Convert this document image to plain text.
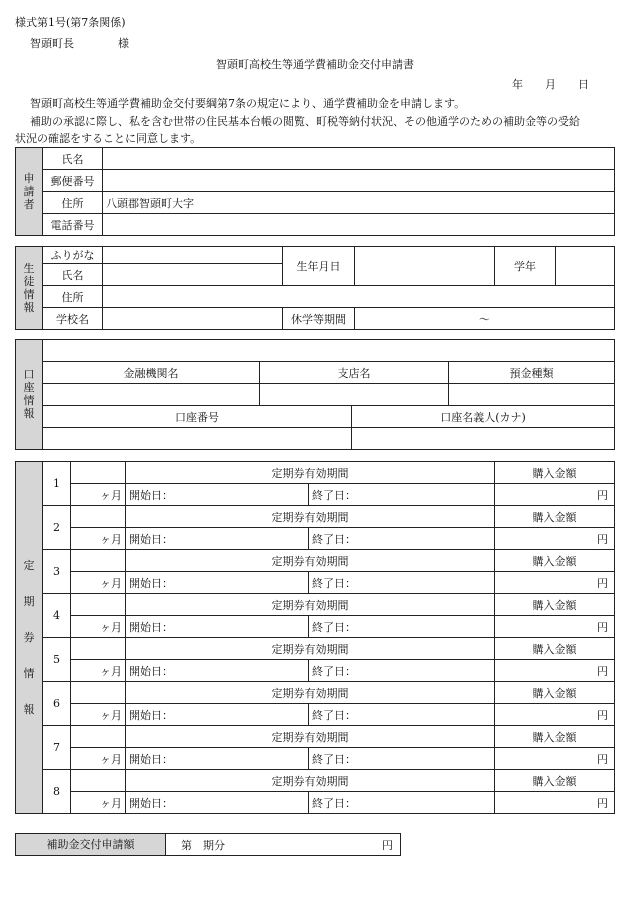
様式第1号(第7条関係)
智頭町長　　　　様
智頭町高校生等通学費補助金交付申請書
年　　月　　日
智頭町高校生等通学費補助金交付要綱第7条の規定により、通学費補助金を申請します。
補助の承認に際し、私を含む世帯の住民基本台帳の閲覧、町税等納付状況、その他通学のための補助金等の受給
状況の確認をすることに同意します。
申請者	氏名	
	郵便番号	
	住所	八頭郡智頭町大字
	電話番号	
生徒情報	ふりがな		生年月日		学年	
	氏名					
	住所					
	学校名		休学等期間	～		
口座情報				
	金融機関名	支店名		預金種類

	口座番号		口座名義人(カナ)	

定期券情報	1		定期券有効期間		購入金額
		ヶ月	開始日：	終了日：	円
	2		定期券有効期間		購入金額
		ヶ月	開始日：	終了日：	円
	3		定期券有効期間		購入金額
		ヶ月	開始日：	終了日：	円
	4		定期券有効期間		購入金額
		ヶ月	開始日：	終了日：	円
	5		定期券有効期間		購入金額
		ヶ月	開始日：	終了日：	円
	6		定期券有効期間		購入金額
		ヶ月	開始日：	終了日：	円
	7		定期券有効期間		購入金額
		ヶ月	開始日：	終了日：	円
	8		定期券有効期間		購入金額
		ヶ月	開始日：	終了日：	円
補助金交付申請額	第　期分	円
